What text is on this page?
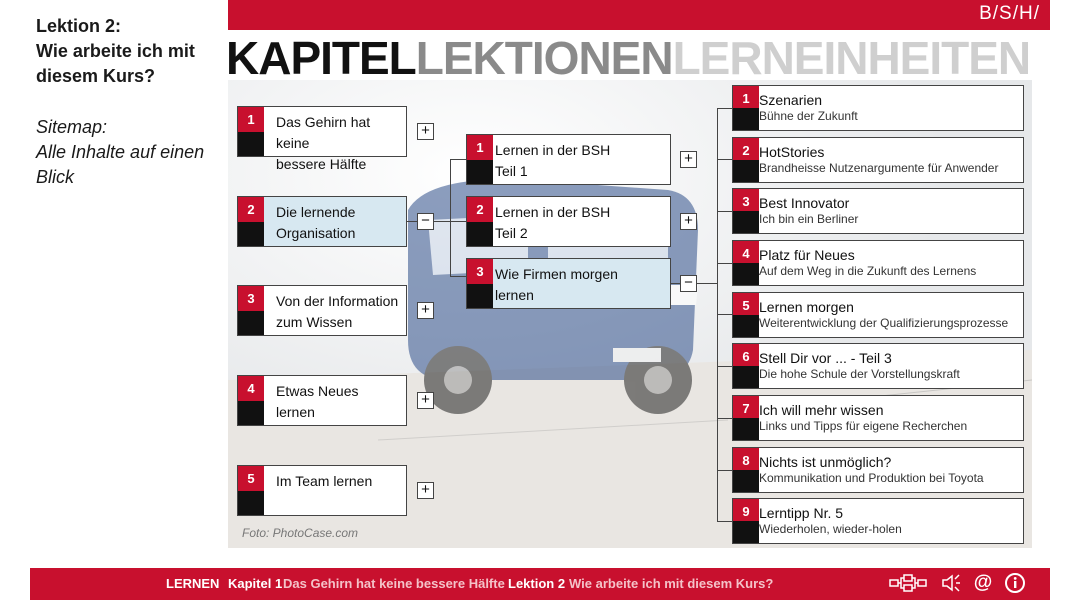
Lektion 2:
Wie arbeite ich mit
diesem Kurs?
Sitemap:
Alle Inhalte auf einen
Blick
B/S/H/
KAPITELLEKTIONENLERNEINHEITEN
Foto: PhotoCase.com
1	Das Gehirn hat keine
bessere Hälfte
+
2	Die lernende
Organisation
−
3	Von der Information
zum Wissen
+
4	Etwas Neues lernen
+
5	Im Team lernen	+
1 Lernen in der BSH
Teil 1
+
2 Lernen in der BSH
Teil 2
+
3 Wie Firmen morgen
lernen
−
1 Szenarien
Bühne der Zukunft
2 HotStories
Brandheisse Nutzenargumente für Anwender
3 Best Innovator
Ich bin ein Berliner
4 Platz für Neues
Auf dem Weg in die Zukunft des Lernens
5 Lernen morgen
Weiterentwicklung der Qualifizierungsprozesse
6 Stell Dir vor ... - Teil 3
Die hohe Schule der Vorstellungskraft
7 Ich will mehr wissen
Links und Tipps für eigene Recherchen
8 Nichts ist unmöglich?
Kommunikation und Produktion bei Toyota
9 Lerntipp Nr. 5
Wiederholen, wieder-holen
LERNEN Kapitel 1 Das Gehirn hat keine bessere Hälfte Lektion 2 Wie arbeite ich mit diesem Kurs?	@
